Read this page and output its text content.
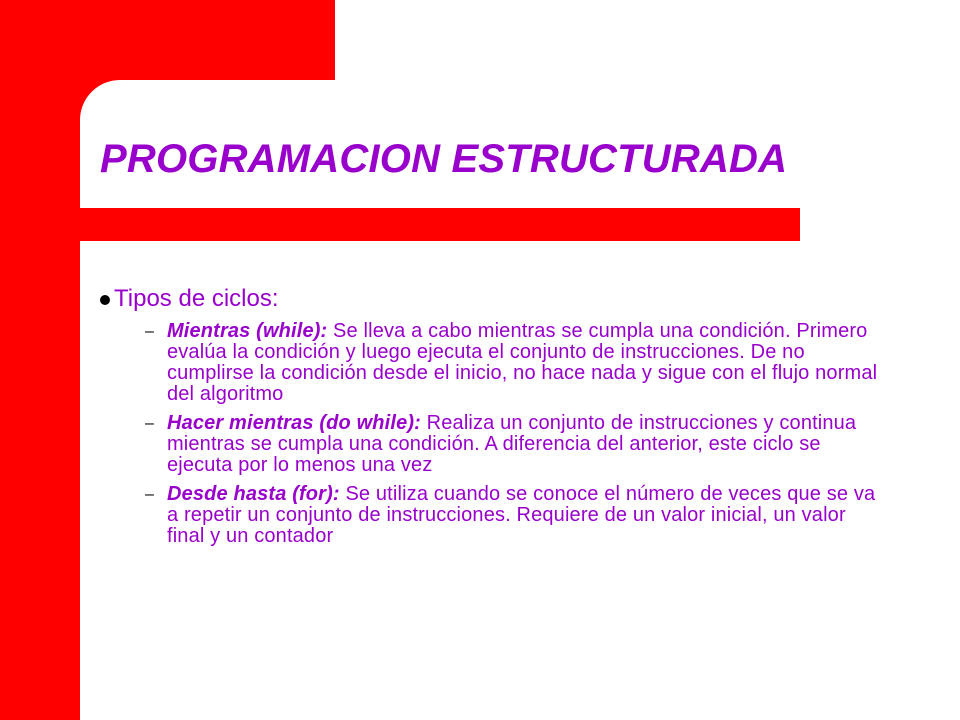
PROGRAMACION ESTRUCTURADA
Tipos de ciclos:
– Mientras (while): Se lleva a cabo mientras se cumpla una condición. Primero evalúa la condición y luego ejecuta el conjunto de instrucciones. De no cumplirse la condición desde el inicio, no hace nada y sigue con el flujo normal del algoritmo
– Hacer mientras (do while): Realiza un conjunto de instrucciones y continua mientras se cumpla una condición. A diferencia del anterior, este ciclo se ejecuta por lo menos una vez
– Desde hasta (for): Se utiliza cuando se conoce el número de veces que se va a repetir un conjunto de instrucciones. Requiere de un valor inicial, un valor final y un contador
